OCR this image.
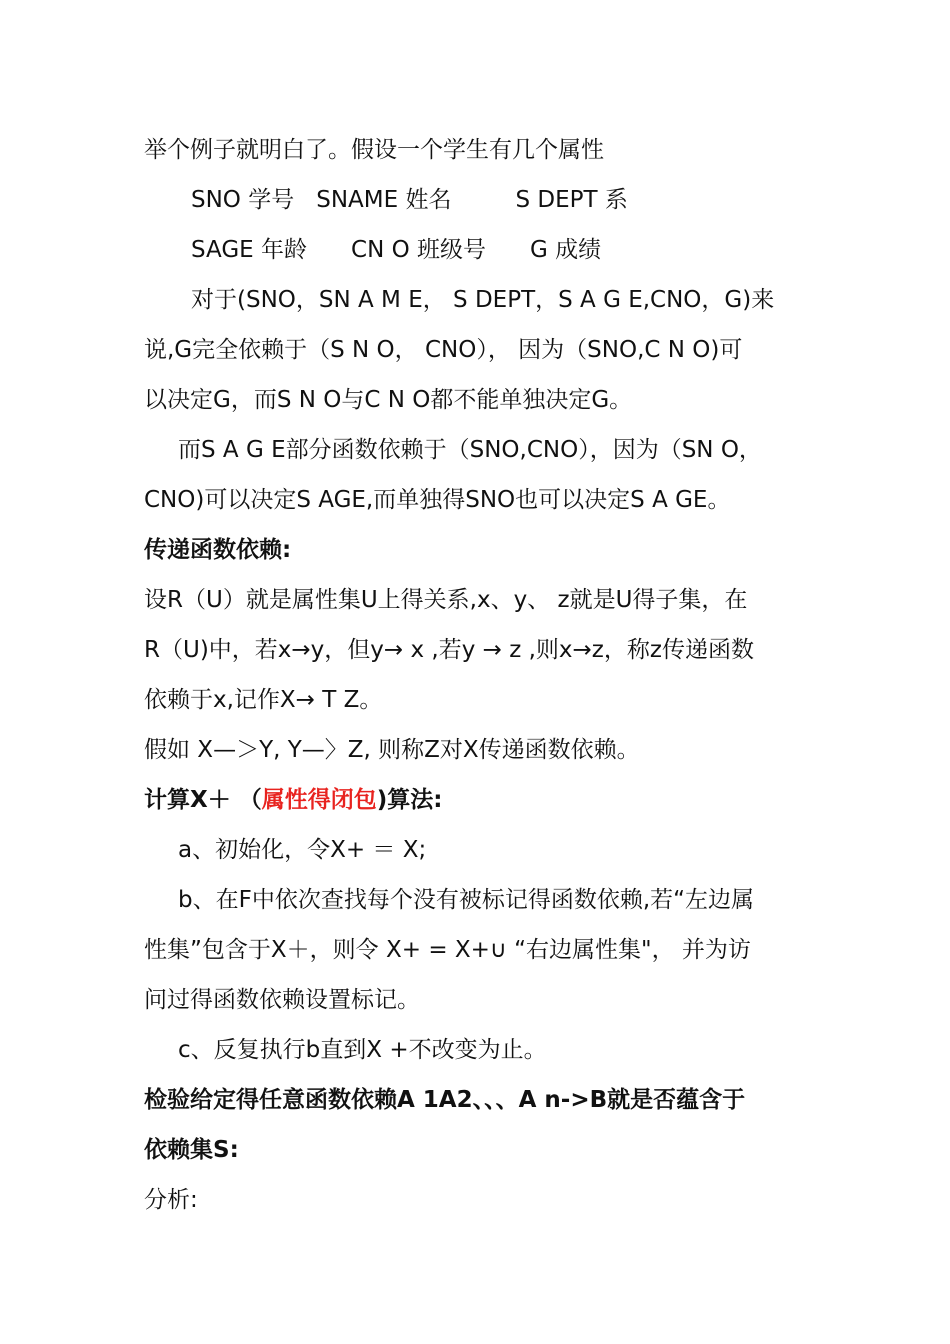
举个例子就明白了。假设一个学生有几个属性
SNO 学号 SNAME 姓名	S DEPT 系
SAGE 年龄 CN O 班级号 G 成绩
对于(SNO，SN A M E， S DEPT，S A G E,CNO，G)来
说,G完全依赖于（S N O， CNO）， 因为（SNO,C N O)可
以决定G，而S N O与C N O都不能单独决定G。
而S A G E部分函数依赖于（SNO,CNO），因为（SN O，
CNO)可以决定S AGE,而单独得SNO也可以决定S A GE。
传递函数依赖:
设R（U）就是属性集U上得关系,x、y、 z就是U得子集，在
R（U)中，若x→y，但y→ x ,若y → z ,则x→z，称z传递函数
依赖于x,记作X→ T Z。
假如 X—＞Y, Y—〉Z, 则称Z对X传递函数依赖。
计算X＋ （属性得闭包)算法:
a、初始化，令X+ ＝ X;
b、在F中依次查找每个没有被标记得函数依赖,若“左边属
性集”包含于X＋，则令 X+ = X+∪ “右边属性集"， 并为访
问过得函数依赖设置标记。
c、反复执行b直到X +不改变为止。
检验给定得任意函数依赖A 1A2、、、A n->B就是否蕴含于
依赖集S:
分析:
